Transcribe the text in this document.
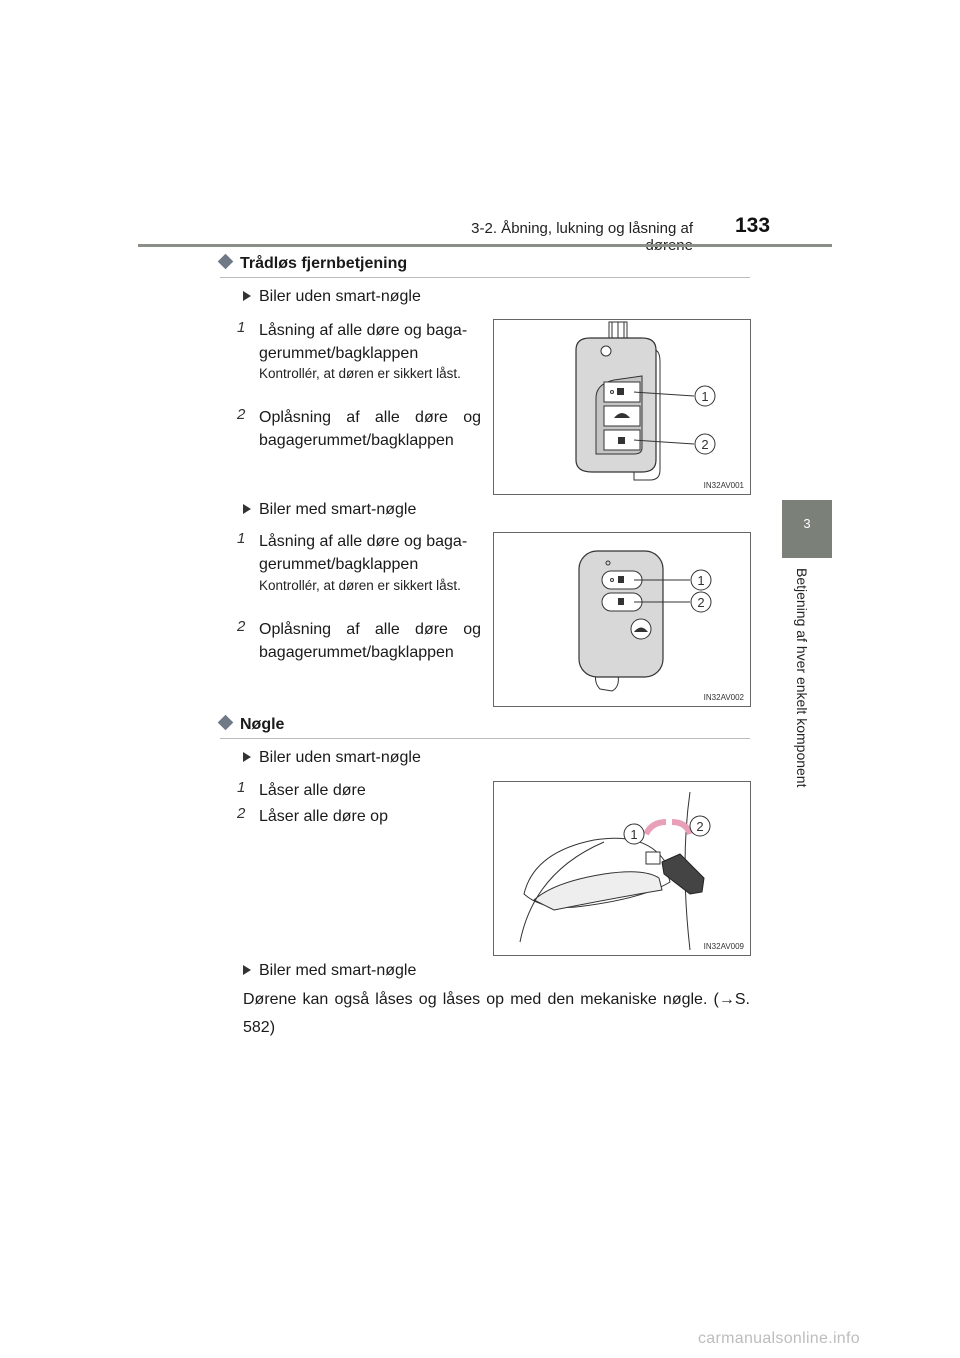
3-2. Åbning, lukning og låsning af 133
3
Betjening af hver enkelt komponent
Trådløs fjernbetjening
Biler uden smart-nøgle
1 Låsning af alle døre og baga-gerummet/bagklappen
Kontrollér, at døren er sikkert låst.
2 Oplåsning af alle døre og bagagerummet/bagklappen
1
2
IN32AV001
Biler med smart-nøgle
1 Låsning af alle døre og baga-gerummet/bagklappen
Kontrollér, at døren er sikkert låst.
2 Oplåsning af alle døre og bagagerummet/bagklappen
1
2
IN32AV002
Nøgle
Biler uden smart-nøgle
1 Låser alle døre
2 Låser alle døre op
1
2
IN32AV009
Biler med smart-nøgle
Dørene kan også låses og låses op med den mekaniske nøgle. (→S. 582)
carmanualsonline.info
